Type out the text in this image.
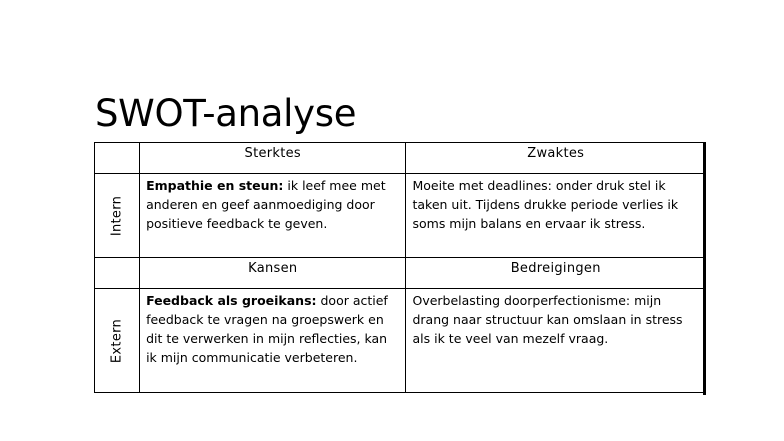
SWOT-analyse

	Sterktes	Zwaktes

Intern	Empathie en steun: ik leef mee met anderen en geef aanmoediging door positieve feedback te geven.	Moeite met deadlines: onder druk stel ik taken uit. Tijdens drukke periode verlies ik soms mijn balans en ervaar ik stress.

	Kansen	Bedreigingen

Extern	Feedback als groeikans: door actief feedback te vragen na groepswerk en dit te verwerken in mijn reflecties, kan ik mijn communicatie verbeteren.	Overbelasting doorperfectionisme: mijn drang naar structuur kan omslaan in stress als ik te veel van mezelf vraag.
